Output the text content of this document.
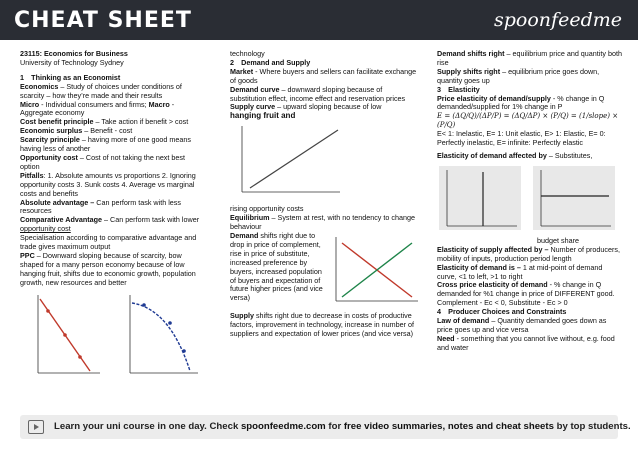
CHEAT SHEET	spoonfeedme

23115: Economics for Business

University of Technology Sydney

1 Thinking as an Economist

Economics – Study of choices under conditions of scarcity – how they’re made and their results

Micro - Individual consumers and firms; Macro - Aggregate economy

Cost benefit principle – Take action if benefit > cost

Economic surplus – Benefit - cost

Scarcity principle – having more of one good means having less of another

Opportunity cost – Cost of not taking the next best option

Pitfalls: 1. Absolute amounts vs proportions 2. Ignoring opportunity costs 3. Sunk costs 4. Average vs marginal costs and benefits

Absolute advantage – Can perform task with less resources

Comparative Advantage – Can perform task with lower opportunity cost

Specialisation according to comparative advantage and trade gives maximum output

PPC – Downward sloping because of scarcity, bow shaped for a many person economy because of low hanging fruit, shifts due to economic growth, population growth, new resources and better

technology

2 Demand and Supply

Market - Where buyers and sellers can facilitate exchange of goods

Demand curve – downward sloping because of substitution effect, income effect and reservation prices

Supply curve – upward sloping because of low

hanging fruit and

rising opportunity costs

Equilibrium – System at rest, with no tendency to change behaviour

Demand shifts right due to drop in price of complement, rise in price of substitute, increased preference by buyers, increased population of buyers and expectation of future higher prices (and vice versa)

Supply shifts right due to decrease in costs of productive factors, improvement in technology, increase in number of suppliers and expectation of lower prices (and vice versa)

Demand shifts right – equilibrium price and quantity both rise

Supply shifts right – equilibrium price goes down, quantity goes up

3 Elasticity

Price elasticity of demand/supply - % change in Q demanded/supplied for 1% change in P

E = (ΔQ/Q)/(ΔP/P) = (ΔQ/ΔP) × (P/Q) = (1/slope) × (P/Q)

E< 1: Inelastic, E= 1: Unit elastic, E> 1: Elastic, E= 0: Perfectly inelastic, E= infinite: Perfectly elastic

Elasticity of demand affected by – Substitutes,

budget share

Elasticity of supply affected by – Number of producers, mobility of inputs, production period length

Elasticity of demand is – 1 at mid-point of demand curve, <1 to left, >1 to right

Cross price elasticity of demand - % change in Q demanded for %1 change in price of DIFFERENT good.

Complement - Eᴄ < 0, Substitute - Eᴄ > 0

4 Producer Choices and Constraints

Law of demand – Quantity demanded goes down as price goes up and vice versa

Need - something that you cannot live without, e.g. food and water

Learn your uni course in one day. Check spoonfeedme.com for free video summaries, notes and cheat sheets by top students.
